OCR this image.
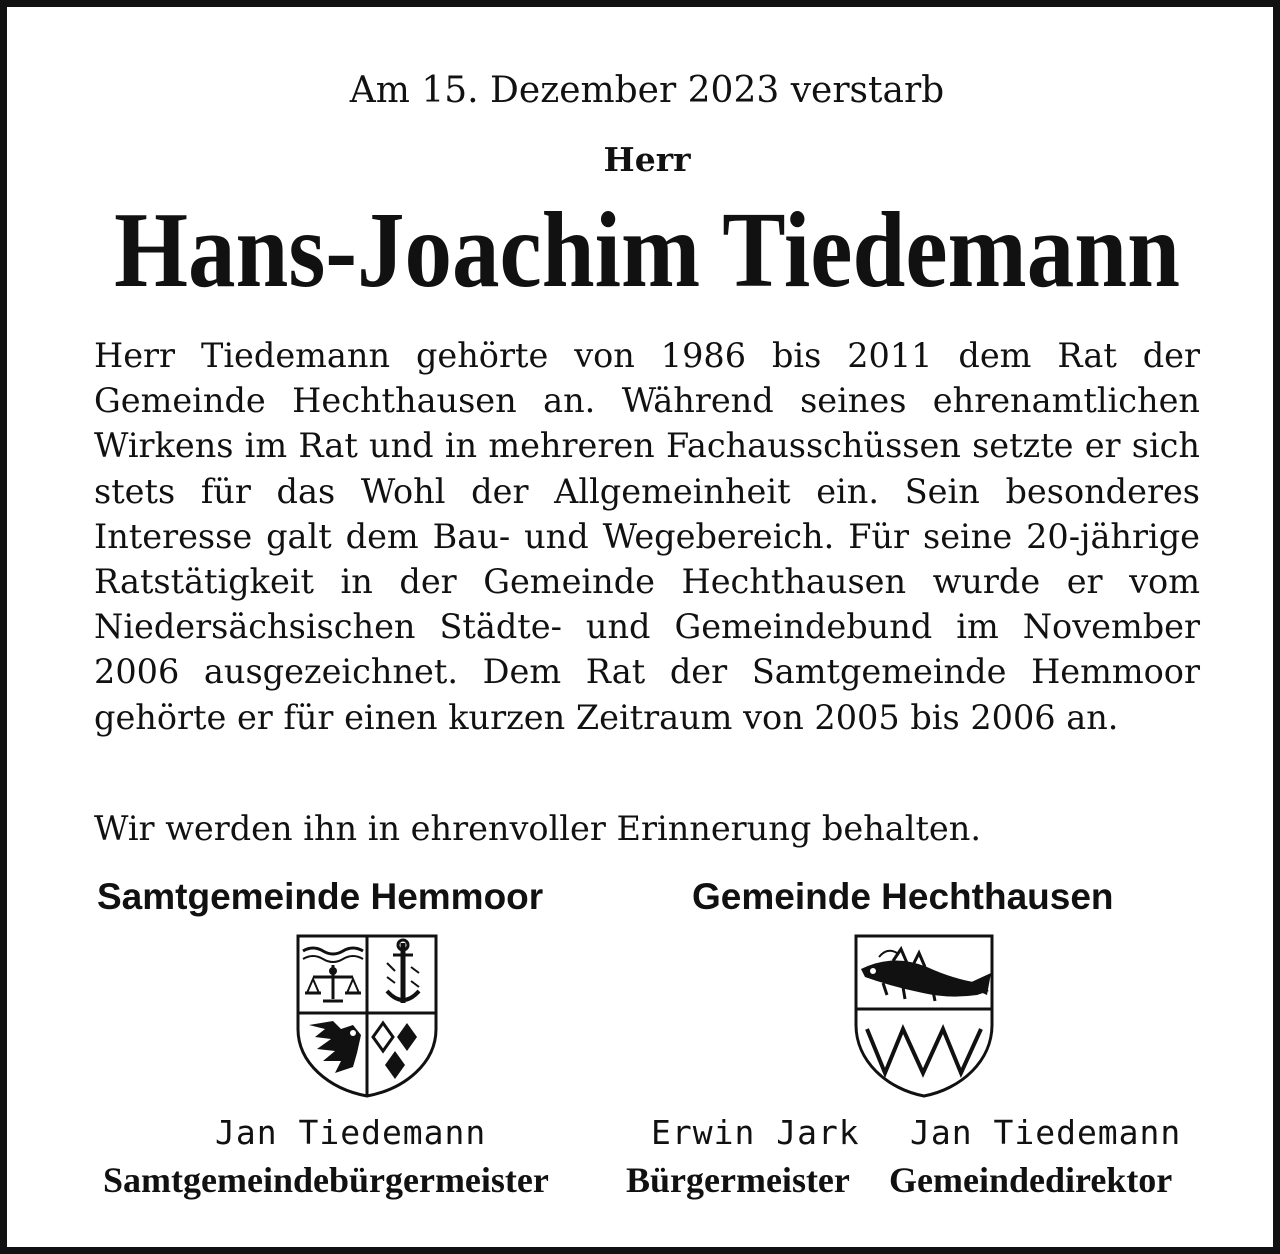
Am 15. Dezember 2023 verstarb
Herr
Hans-Joachim Tiedemann

Herr Tiedemann gehörte von 1986 bis 2011 dem Rat der Gemeinde Hechthausen an. Während seines ehrenamtlichen Wirkens im Rat und in mehreren Fachausschüssen setzte er sich stets für das Wohl der Allgemeinheit ein. Sein besonderes Interesse galt dem Bau- und Wegebereich. Für seine 20-jährige Ratstätigkeit in der Gemeinde Hechthausen wurde er vom Niedersächsischen Städte- und Gemeindebund im November 2006 ausgezeichnet. Dem Rat der Samtgemeinde Hemmoor gehörte er für einen kurzen Zeitraum von 2005 bis 2006 an.

Wir werden ihn in ehrenvoller Erinnerung behalten.
Samtgemeinde Hemmoor	Gemeinde Hechthausen
Jan Tiedemann	Erwin Jark Jan Tiedemann
Samtgemeindebürgermeister Bürgermeister Gemeindedirektor
